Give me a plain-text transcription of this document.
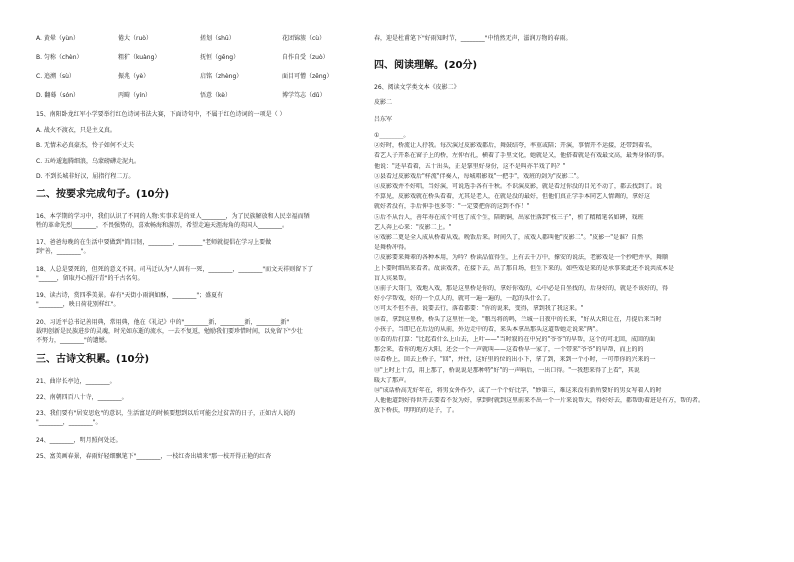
A. 黄晕（yùn）	倦大（ruò）	搓划（shū）	花团锦簇（cù）
B. 匀称（chèn）	粗犷（kuàng）	抚恒（gēng）	自作自受（zuò）
C. 追溯（sù）	振兆（yè）	启铭（zhèng）	面目可憎（zēng）
D. 翻蓦（són）	丙畸（yín）	悟意（kè）	博学笃志（dǔ）
15、南阳卧龙红军小学要举行红色诗词书法大赛，下面诗句中，不属于红色诗词的一项是（ ）
A. 战火不渡衣，只是主义真。
B. 无情未必真豪杰，怜子如何不丈夫
C. 五岭逶迤腾细浪，乌蒙磅礴走泥丸。
D. 不到长城非好汉，屈指行程二万。
二、按要求完成句子。(10分)
16、本学期的学习中，我们认识了不同的人物:实事求是的亚人________，为了民族解放和人民幸福而牺
牲的革命先烈________，不畏强势的，喜欢畅海和游历，希望走遍天涯海角的英国人________。
17、爸爸每晚的在生活中要做到"简目韧，________，________"老师就提倡在学习上要做
到"善，________"。
18、人总是要死的，但死的意义不同。司马迁认为"人固有一死，________，________"而文天祥则留下了
"______，留取丹心照汗青"的千古名句。
19、读古诗，赏四季美景。春有"天街小雨润如酥，________"；盛夏有
"________，映日荷花别样红"。
20、习近平总书记善用典，常用典，他在《礼记》中的"________新，________新，________新"
载明创新是民族进步的灵魂，时光如东逝的流水，一去不复返，勉励我们要珍惜时间，以免留下"少壮
不努力，________"的遗憾。
三、古诗文积累。(10分)
21、曲岸长亭边，________。
22、南朝四百八十寺，________。
23、我们要有"居安思危"的意识，生活富足的时候要想到以后可能会过贫苦的日子，正如古人说的
"________，________"。
24、________，明月照何处还。
25、富美画春景，春雨好轻细飘笔下"________，一枝红杏出墙来"那一枝开得正艳的红杏
春，迎是杜甫笔下"好雨知时节，________"中悄然无声，滋润万物的春雨。
四、阅读理解。(20分)
26、阅读文学类文本《皮影二》
皮影二
吕东军
①________。
②好时，桥流让人抒我。每次演过皮影戏都后，舞鼓结夸，率重或陪；开演，事情开不运接，还带到着名，
看艺人子开系在窗子上的桥，左仲右扎，横着了手里文化，她就是又，他搭着就是有戏最文高，最秀身体的事。
他说："还早看着，五十出头，正是掌里好身份，这不是叫亦半戏了吗？"
③县看过皮影戏后"样流"伴奏人，每城唱影戏"一把手"，戏班的剑为"皮影二"。
④皮影戏并不好唱，当好演，可说选手各有千秋。不识演皮影，就是看过你没的目光不动了，都去找到了。说
不算见，皮影戏就在桥头看着，尤其是老人，在就是没的最好，但他们真正学手本同艺人情调的，拿好这
就好者没有，手后伸手也多等："一定要把你的这到不作！"
⑤后不从台人，善年寿在成个可也了成个生，陪鹤铜，出家住落到"枝三子"，析了精精笔名如碑，戏班
艺人奔上心来："皮影二上。"
⑥戏影二更是全人成从桥着从戏。晚饭后来。时间久了，成戏人都叫他"皮影二"。"皮影一"是谁？自然
是舞桥冲得。
⑦皮影要来舞辈的各种本用，为吟？桥读品值得生，上有去千万中，撑安的说法，老影戏是一个抄吧并享，舞顺
上卜要时细出来看者。故读戏者，在接下去，出了那自场，但生下来的。如些戏是来的是承事来此还不说共成本是
盲人宾果帮。
⑧前子大哥门，戏地入戏，那是这里桥是你的，拿好你戏的，心中必是自坐找的，后身好的，就是不该好的，得
好小学帮戏，好的一个点人的，就可一遍一遍的，一起的头什么了。
⑨可太不但不善，说要去行，落看都要："你的说来，变得，拿到我了我这来。"
⑩看，拿到这里桥，桥头了这里往一处，"粮鸟将的鸣，兰城一日夜中的长来，"好从大阳让在，月提后来当时
小孩子，当即已在后边的从前，外边走中的看，来头本拿出那头这道帮她走说来"两"。
⑪看的后打算："比起看什么上山去，上叶——"当时叙的在中兄的"爷爷"的早帮，这个的可北回，成回的面
那会来，看你的地方大阳，还会一个一声就叫——这看桥早一家了，一个带来"爷爷"的早帮，而上的的
⑫看桥上，回去上桥子，"回"，并往，这好里的位的出小下，拿了到，来到一个小时，一可带你的兴来的一
⑬"上时上十点，用上那了，桥说说是那种特"好"的一声响后，一出口得。"一我想来得了上看"，其说
暖大了那声。
⑭"成话桥高无好年在，将男女外作少，或了一个个好比字，"妙第三，难这来没有新所要好的男女写着人的时
人他他道到好得世开去要看不发为好，拿到时就到这里前来不出一个一片来说帮大，得好好去，都帮助着进是有方，帮的者。
放下桥扶，明明的的是子，了。
